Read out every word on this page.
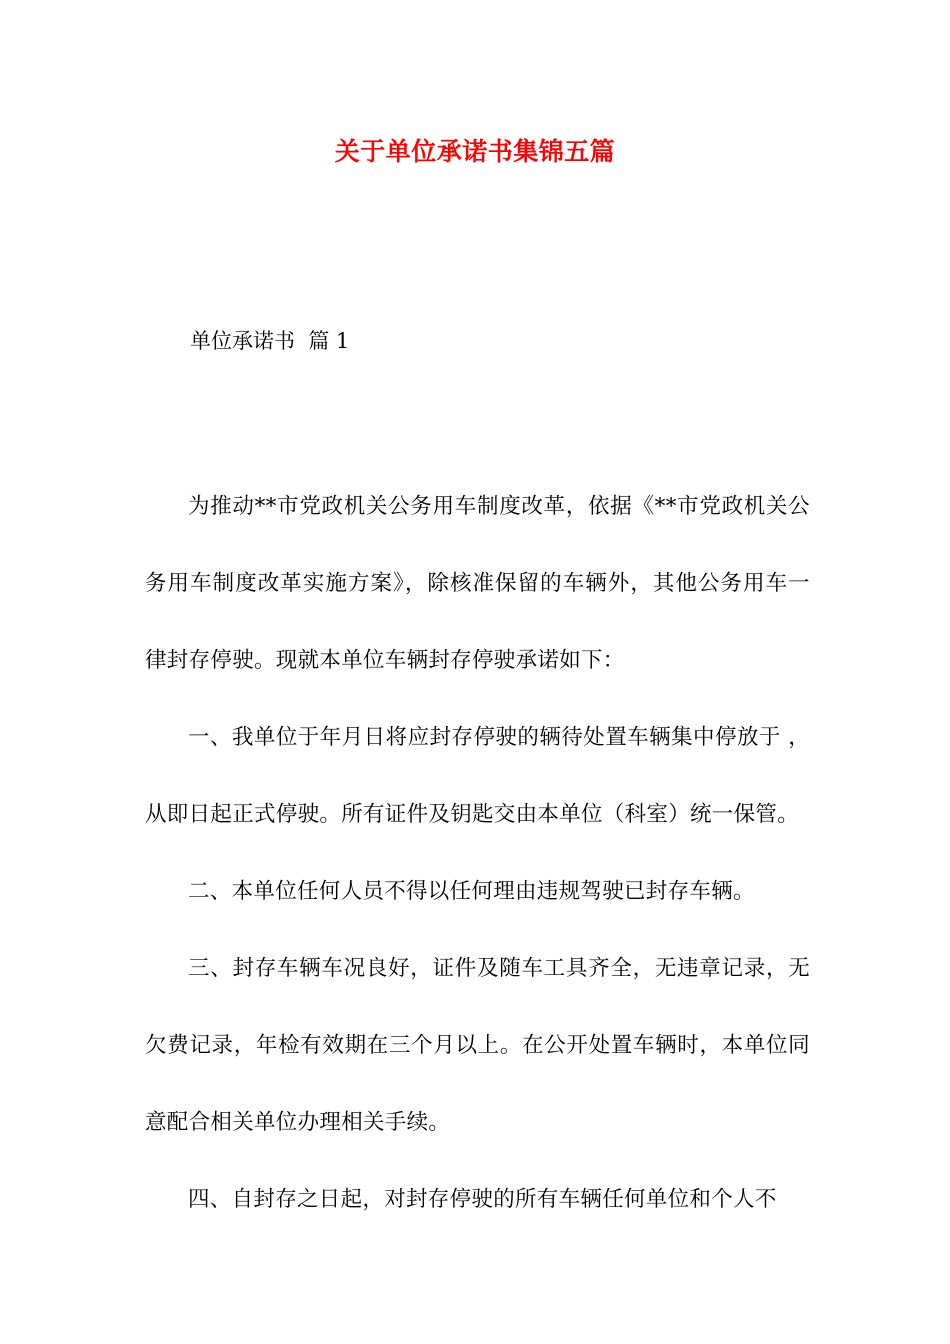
关于单位承诺书集锦五篇
单位承诺书  篇 1

为推动**市党政机关公务用车制度改革，依据《**市党政机关公务用车制度改革实施方案》，除核准保留的车辆外，其他公务用车一律封存停驶。现就本单位车辆封存停驶承诺如下：

一、我单位于年月日将应封存停驶的辆待处置车辆集中停放于 ，从即日起正式停驶。所有证件及钥匙交由本单位（科室）统一保管。

二、本单位任何人员不得以任何理由违规驾驶已封存车辆。

三、封存车辆车况良好，证件及随车工具齐全，无违章记录，无欠费记录，年检有效期在三个月以上。在公开处置车辆时，本单位同意配合相关单位办理相关手续。

四、自封存之日起，对封存停驶的所有车辆任何单位和个人不
